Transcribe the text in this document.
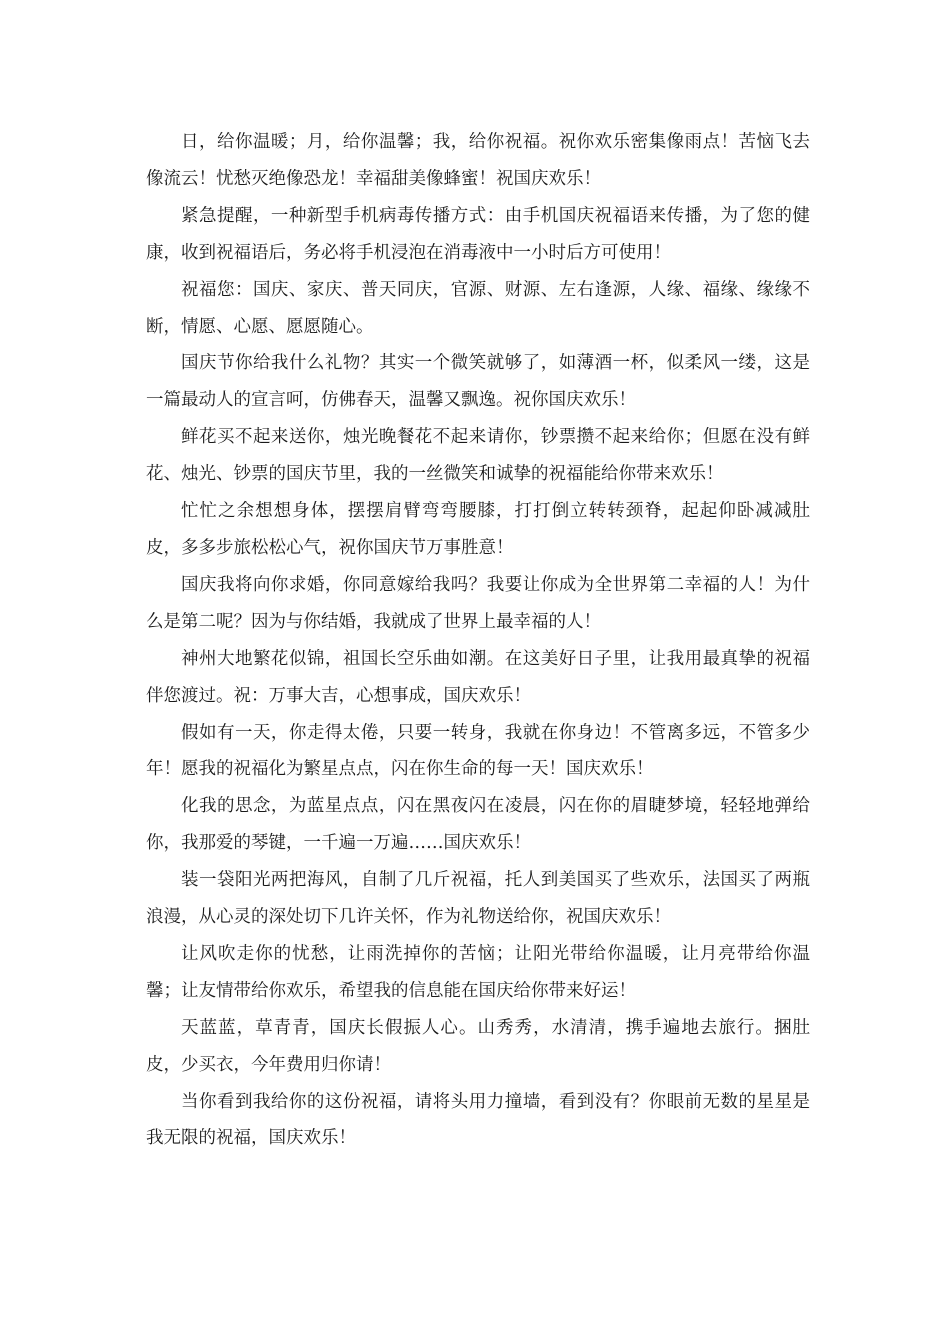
日，给你温暖；月，给你温馨；我，给你祝福。祝你欢乐密集像雨点！苦恼飞去像流云！忧愁灭绝像恐龙！幸福甜美像蜂蜜！祝国庆欢乐！

紧急提醒，一种新型手机病毒传播方式：由手机国庆祝福语来传播，为了您的健康，收到祝福语后，务必将手机浸泡在消毒液中一小时后方可使用！

祝福您：国庆、家庆、普天同庆，官源、财源、左右逢源，人缘、福缘、缘缘不断，情愿、心愿、愿愿随心。

国庆节你给我什么礼物？其实一个微笑就够了，如薄酒一杯，似柔风一缕，这是一篇最动人的宣言呵，仿佛春天，温馨又飘逸。祝你国庆欢乐！

鲜花买不起来送你，烛光晚餐花不起来请你，钞票攒不起来给你；但愿在没有鲜花、烛光、钞票的国庆节里，我的一丝微笑和诚挚的祝福能给你带来欢乐！

忙忙之余想想身体，摆摆肩臂弯弯腰膝，打打倒立转转颈脊，起起仰卧减减肚皮，多多步旅松松心气，祝你国庆节万事胜意！

国庆我将向你求婚，你同意嫁给我吗？我要让你成为全世界第二幸福的人！为什么是第二呢？因为与你结婚，我就成了世界上最幸福的人！

神州大地繁花似锦，祖国长空乐曲如潮。在这美好日子里，让我用最真挚的祝福伴您渡过。祝：万事大吉，心想事成，国庆欢乐！

假如有一天，你走得太倦，只要一转身，我就在你身边！不管离多远，不管多少年！愿我的祝福化为繁星点点，闪在你生命的每一天！国庆欢乐！

化我的思念，为蓝星点点，闪在黑夜闪在凌晨，闪在你的眉睫梦境，轻轻地弹给你，我那爱的琴键，一千遍一万遍……国庆欢乐！

装一袋阳光两把海风，自制了几斤祝福，托人到美国买了些欢乐，法国买了两瓶浪漫，从心灵的深处切下几许关怀，作为礼物送给你，祝国庆欢乐！

让风吹走你的忧愁，让雨洗掉你的苦恼；让阳光带给你温暖，让月亮带给你温馨；让友情带给你欢乐，希望我的信息能在国庆给你带来好运！

天蓝蓝，草青青，国庆长假振人心。山秀秀，水清清，携手遍地去旅行。捆肚皮，少买衣，今年费用归你请！

当你看到我给你的这份祝福，请将头用力撞墙，看到没有？你眼前无数的星星是我无限的祝福，国庆欢乐！
